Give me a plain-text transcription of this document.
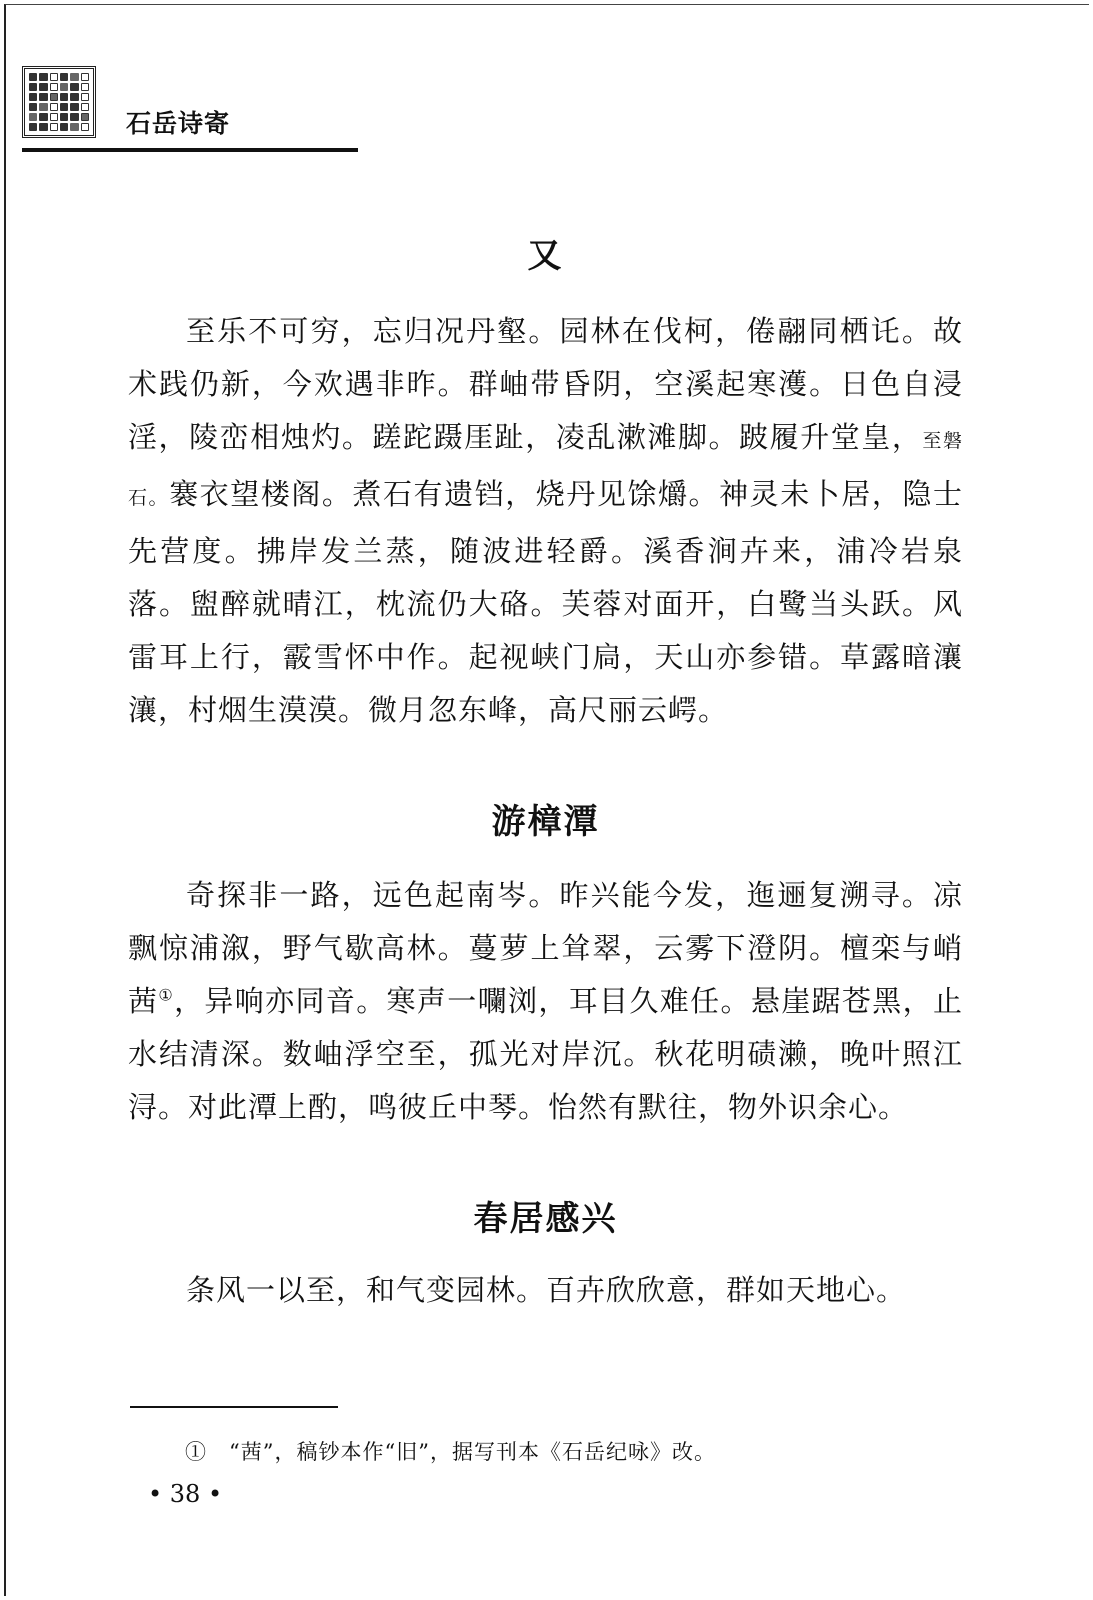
石岳诗寄
又

至乐不可穷，忘归况丹壑。园林在伐柯，倦翮同栖讬。故术践仍新，今欢遇非昨。群岫带昏阴，空溪起寒濩。日色自浸淫，陵峦相烛灼。蹉跎蹑厓趾，凌乱漱滩脚。跛履升堂皇，至磐石。褰衣望楼阁。煮石有遗铛，烧丹见馀爝。神灵未卜居，隐士先营度。拂岸发兰蒸，随波进轻爵。溪香涧卉来，浦冷岩泉落。盥醉就晴江，枕流仍大硌。芙蓉对面开，白鹭当头跃。风雷耳上行，霰雪怀中作。起视峡门扃，天山亦参错。草露暗瀼瀼，村烟生漠漠。微月忽东峰，高尺丽云崿。

游樟潭

奇探非一路，远色起南岑。昨兴能今发，迤逦复溯寻。凉飘惊浦溆，野气歇高林。蔓萝上耸翠，云雾下澄阴。檀栾与峭茜①，异响亦同音。寒声一㘓浏，耳目久难任。悬崖踞苍黑，止水结清深。数岫浮空至，孤光对岸沉。秋花明碛濑，晚叶照江浔。对此潭上酌，鸣彼丘中琴。怡然有默往，物外识余心。

春居感兴

条风一以至，和气变园林。百卉欣欣意，群如天地心。

①　“茜”，稿钞本作“旧”，据写刊本《石岳纪咏》改。
• 38 •
